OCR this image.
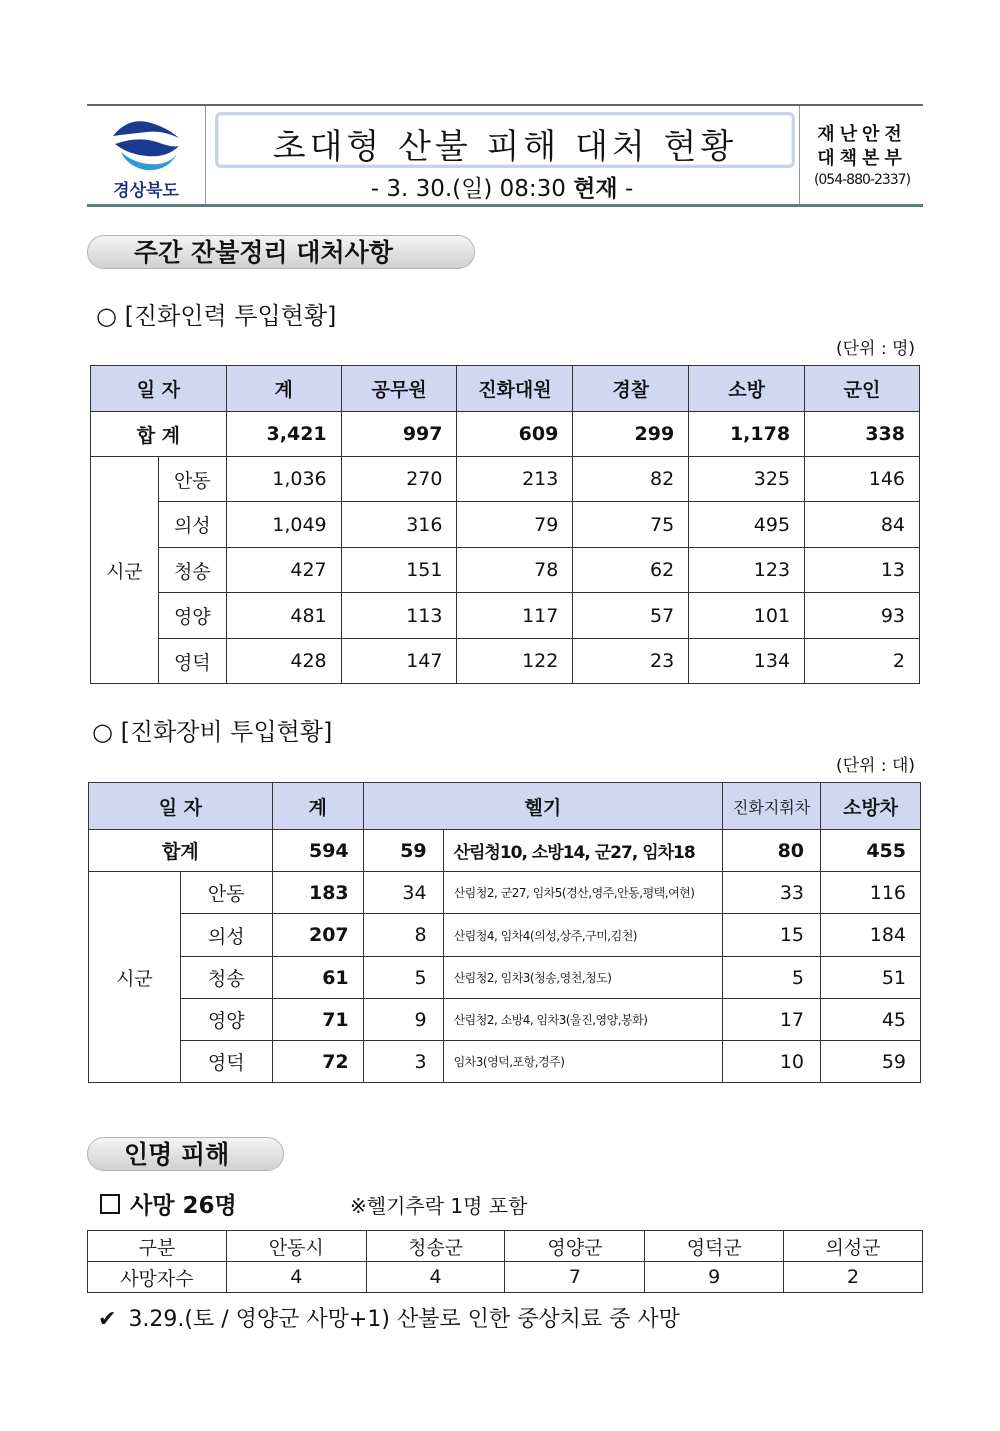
경상북도
초대형 산불 피해 대처 현황
- 3. 30.(일) 08:30 현재 -
재난안전
대책본부
(054-880-2337)
주간 잔불정리 대처사항
○ [진화인력 투입현황]
(단위 : 명)
일 자		계	공무원	진화대원	경찰	소방	군인
합 계		3,421	997	609	299	1,178	338
시군	안동	1,036	270	213	82	325	146
	의성	1,049	316	79	75	495	84
	청송	427	151	78	62	123	13
	영양	481	113	117	57	101	93
	영덕	428	147	122	23	134	2
○ [진화장비 투입현황]
(단위 : 대)
일 자		계	헬기		진화지휘차	소방차
합계		594	59	산림청10, 소방14, 군27, 임차18	80	455
시군	안동	183	34	산림청2, 군27, 임차5(경산,영주,안동,평택,여현)	33	116
	의성	207	8	산림청4, 임차4(의성,상주,구미,김천)	15	184
	청송	61	5	산림청2, 임차3(청송,영천,청도)	5	51
	영양	71	9	산림청2, 소방4, 임차3(울진,영양,봉화)	17	45
	영덕	72	3	임차3(영덕,포항,경주)	10	59
인명 피해
사망 26명	※헬기추락 1명 포함
구분	안동시	청송군	영양군	영덕군	의성군
사망자수	4	4	7	9	2
✔ 3.29.(토 / 영양군 사망+1) 산불로 인한 중상치료 중 사망
